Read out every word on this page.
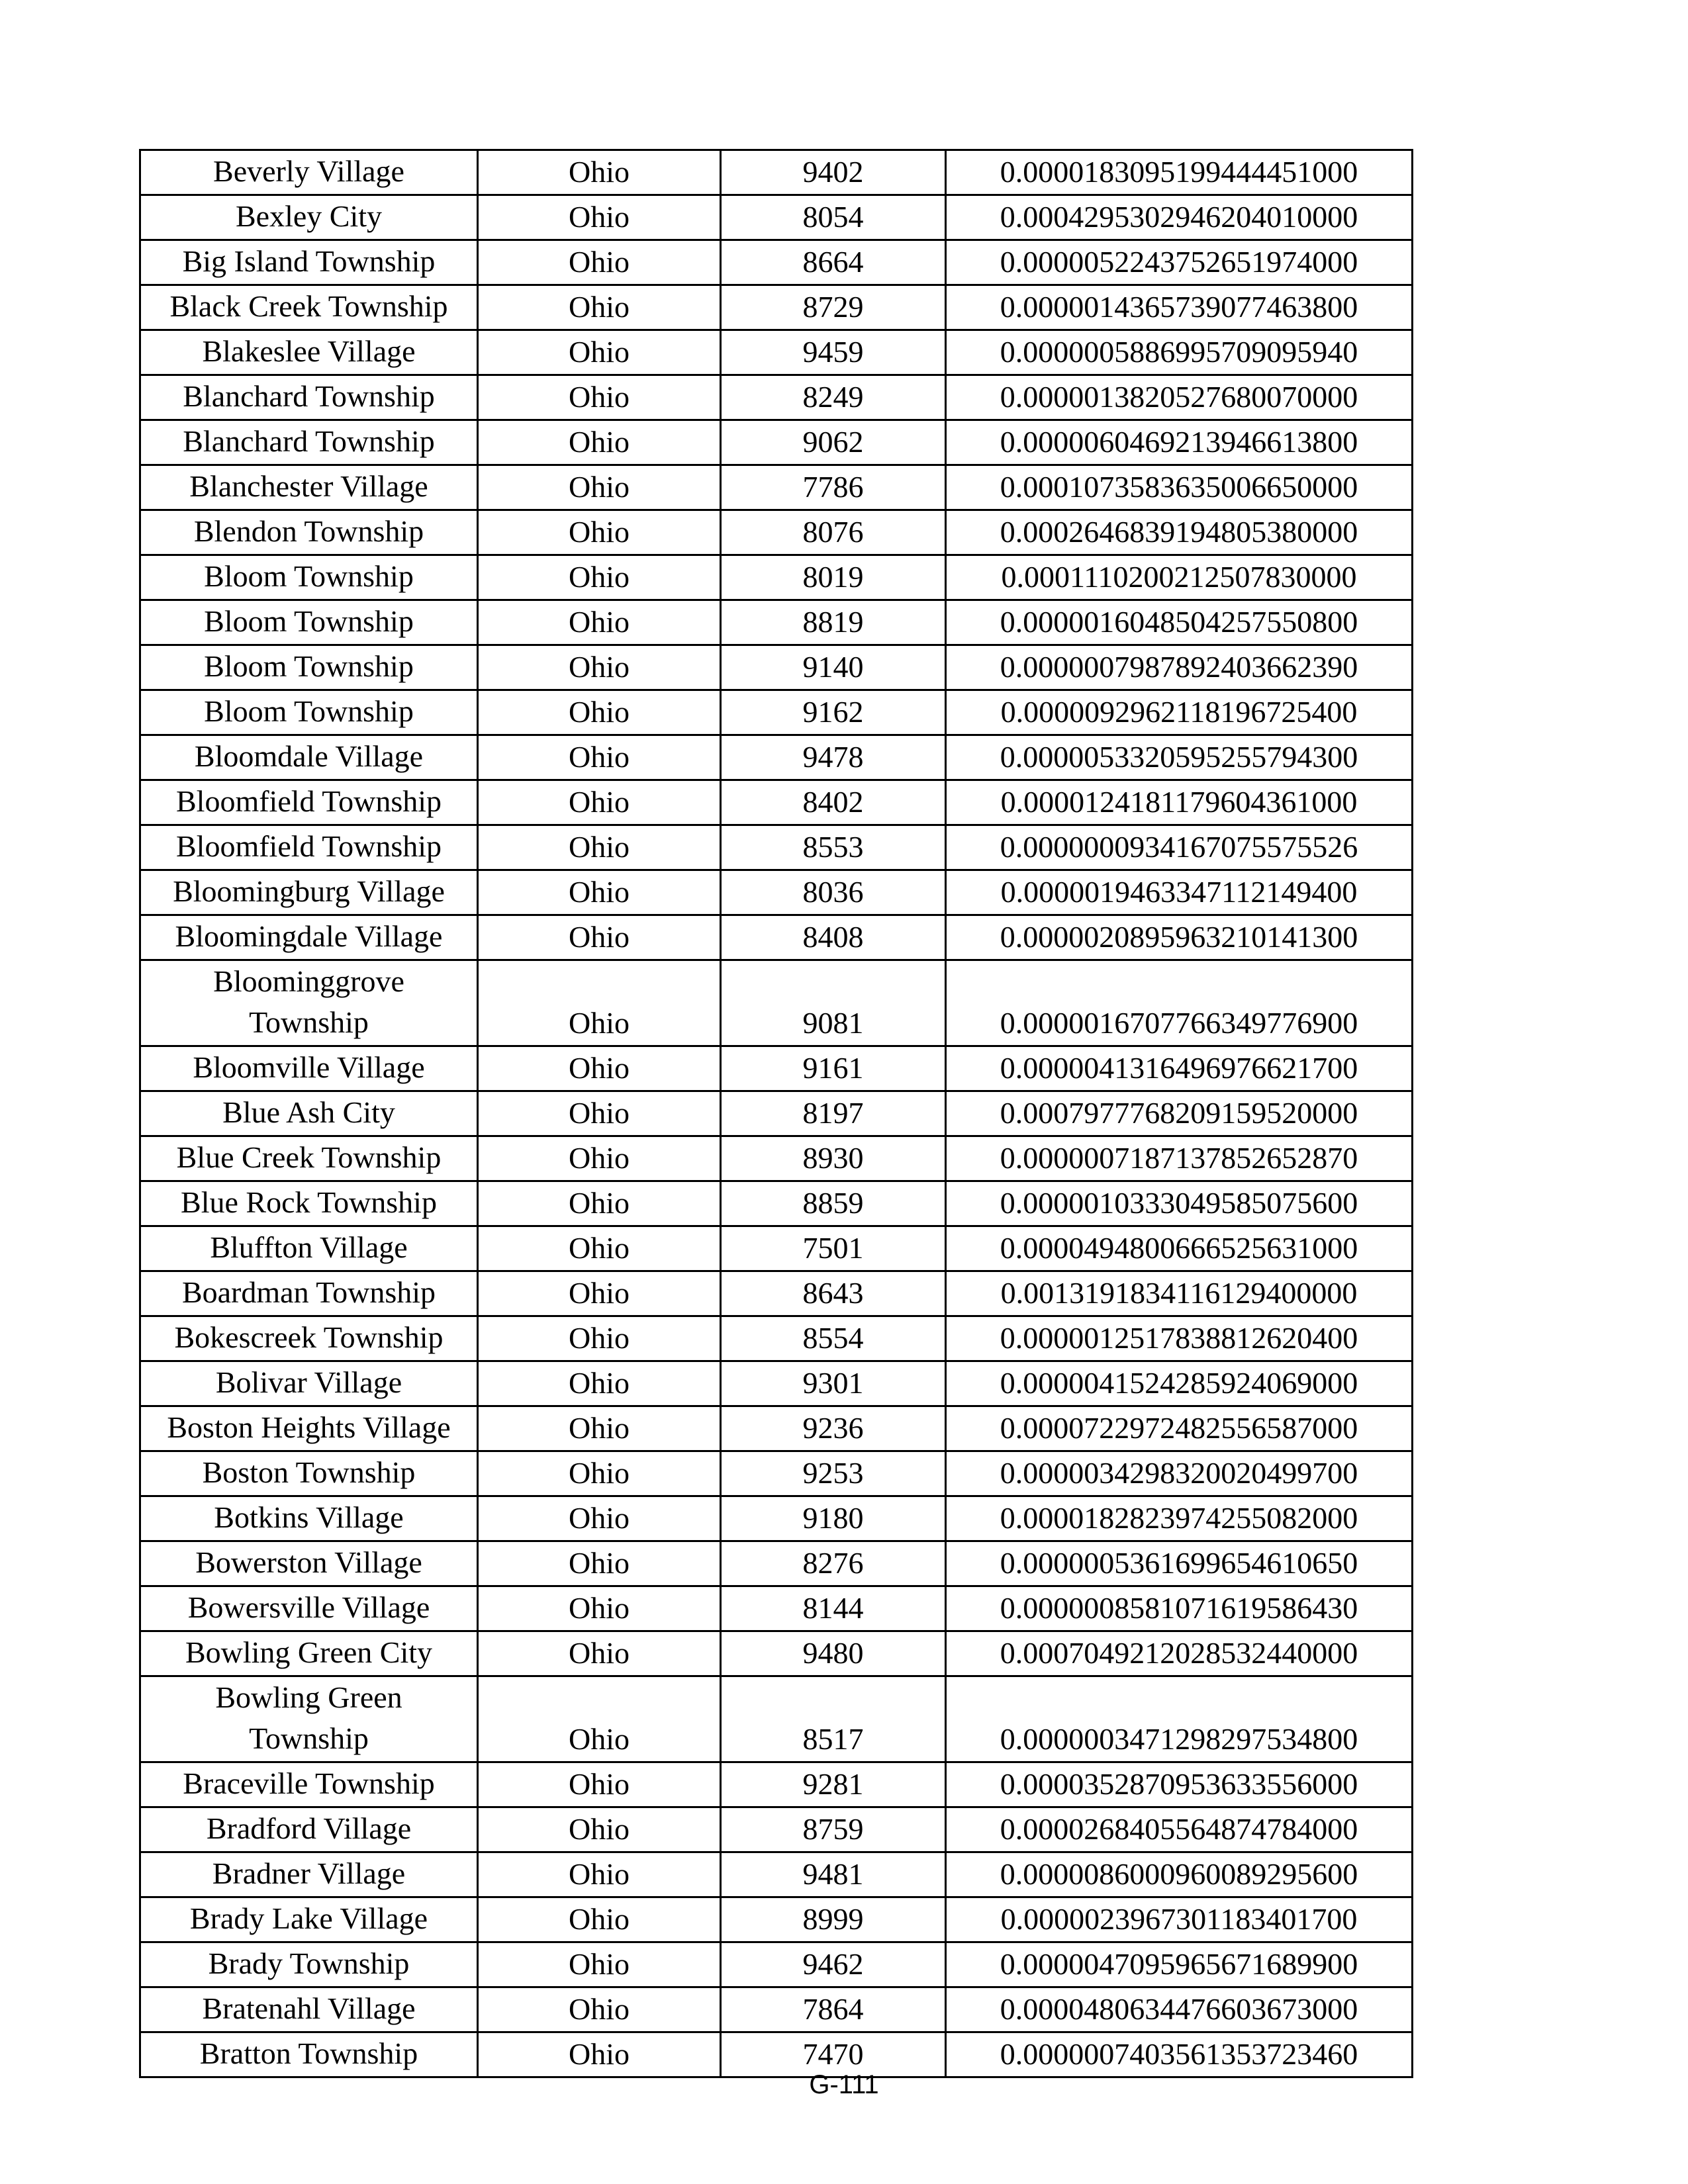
Beverly Village	Ohio	9402	0.0000183095199444451000
Bexley City	Ohio	8054	0.0004295302946204010000
Big Island Township	Ohio	8664	0.0000052243752651974000
Black Creek Township	Ohio	8729	0.0000014365739077463800
Blakeslee Village	Ohio	9459	0.0000005886995709095940
Blanchard Township	Ohio	8249	0.0000013820527680070000
Blanchard Township	Ohio	9062	0.0000060469213946613800
Blanchester Village	Ohio	7786	0.0001073583635006650000
Blendon Township	Ohio	8076	0.0002646839194805380000
Bloom Township	Ohio	8019	0.0001110200212507830000
Bloom Township	Ohio	8819	0.0000016048504257550800
Bloom Township	Ohio	9140	0.0000007987892403662390
Bloom Township	Ohio	9162	0.0000092962118196725400
Bloomdale Village	Ohio	9478	0.0000053320595255794300
Bloomfield Township	Ohio	8402	0.0000124181179604361000
Bloomfield Township	Ohio	8553	0.0000000934167075575526
Bloomingburg Village	Ohio	8036	0.0000019463347112149400
Bloomingdale Village	Ohio	8408	0.0000020895963210141300
Bloominggrove
Township	Ohio	9081	0.0000016707766349776900
Bloomville Village	Ohio	9161	0.0000041316496976621700
Blue Ash City	Ohio	8197	0.0007977768209159520000
Blue Creek Township	Ohio	8930	0.0000007187137852652870
Blue Rock Township	Ohio	8859	0.0000010333049585075600
Bluffton Village	Ohio	7501	0.0000494800666525631000
Boardman Township	Ohio	8643	0.0013191834116129400000
Bokescreek Township	Ohio	8554	0.0000012517838812620400
Bolivar Village	Ohio	9301	0.0000041524285924069000
Boston Heights Village	Ohio	9236	0.0000722972482556587000
Boston Township	Ohio	9253	0.0000034298320020499700
Botkins Village	Ohio	9180	0.0000182823974255082000
Bowerston Village	Ohio	8276	0.0000005361699654610650
Bowersville Village	Ohio	8144	0.0000008581071619586430
Bowling Green City	Ohio	9480	0.0007049212028532440000
Bowling Green
Township	Ohio	8517	0.0000003471298297534800
Braceville Township	Ohio	9281	0.0000352870953633556000
Bradford Village	Ohio	8759	0.0000268405564874784000
Bradner Village	Ohio	9481	0.0000086000960089295600
Brady Lake Village	Ohio	8999	0.0000023967301183401700
Brady Township	Ohio	9462	0.0000047095965671689900
Bratenahl Village	Ohio	7864	0.0000480634476603673000
Bratton Township	Ohio	7470	0.0000007403561353723460
G-111
